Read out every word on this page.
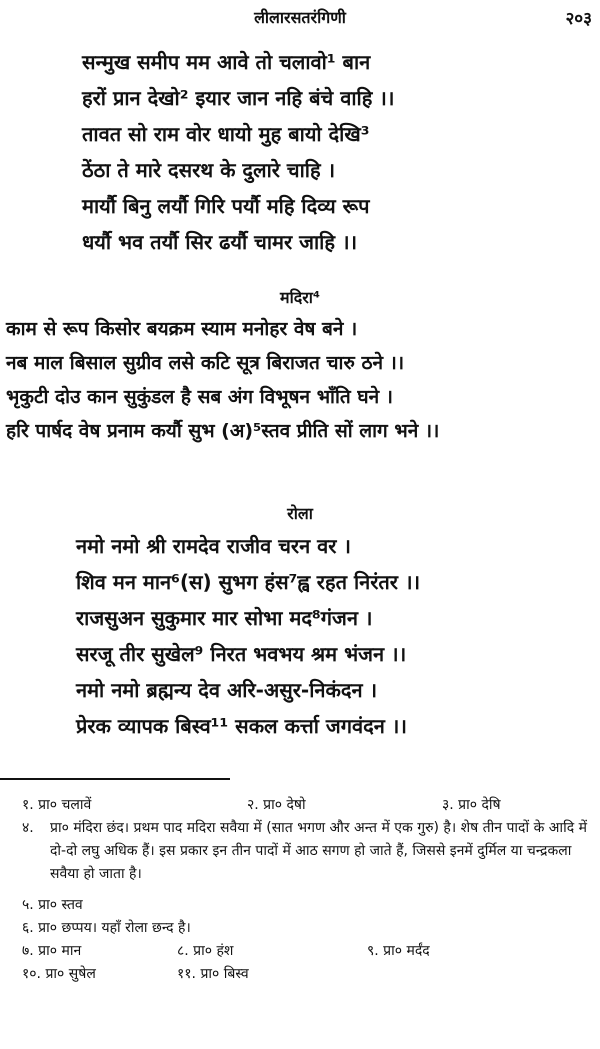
लीलारसतरंगिणी	२०३
सन्मुख समीप मम आवे तो चलावो¹ बान
हरों प्रान देखो² इयार जान नहि बंचे वाहि ।।
तावत सो राम वोर धायो मुह बायो देखि³
ठेंठा ते मारे दसरथ के दुलारे चाहि ।
मार्यौ बिनु लर्यौ गिरि पर्यौ महि दिव्य रूप
धर्यौ भव तर्यौ सिर ढर्यौ चामर जाहि ।।
मदिरा⁴
काम से रूप किसोर बयक्रम स्याम मनोहर वेष बने ।
नब माल बिसाल सुग्रीव लसे कटि सूत्र बिराजत चारु ठने ।।
भृकुटी दोउ कान सुकुंडल है सब अंग विभूषन भाँति घने ।
हरि पार्षद वेष प्रनाम कर्यौ सुभ (अ)⁵स्तव प्रीति सों लाग भने ।।
रोला
नमो नमो श्री रामदेव राजीव चरन वर ।
शिव मन मान⁶(स) सुभग हंस⁷ह्व रहत निरंतर ।।
राजसुअन सुकुमार मार सोभा मद⁸गंजन ।
सरजू तीर सुखेल⁹ निरत भवभय श्रम भंजन ।।
नमो नमो ब्रह्मन्य देव अरि-असुर-निकंदन ।
प्रेरक व्यापक बिस्व¹¹ सकल कर्त्ता जगवंदन ।।
१. प्रा० चलावें	२. प्रा० देषो	३. प्रा० देषि
४. प्रा० मंदिरा छंद। प्रथम पाद मदिरा सवैया में (सात भगण और अन्त में एक गुरु) है। शेष तीन पादों के आदि में दो-दो लघु अधिक हैं। इस प्रकार इन तीन पादों में आठ सगण हो जाते हैं, जिससे इनमें दुर्मिल या चन्द्रकला सवैया हो जाता है।
५. प्रा० स्तव
६. प्रा० छप्पय। यहाँ रोला छन्द है।
७. प्रा० मान	८. प्रा० हंश	९. प्रा० मर्दंद
१०. प्रा० सुषेल	११. प्रा० बिस्व
